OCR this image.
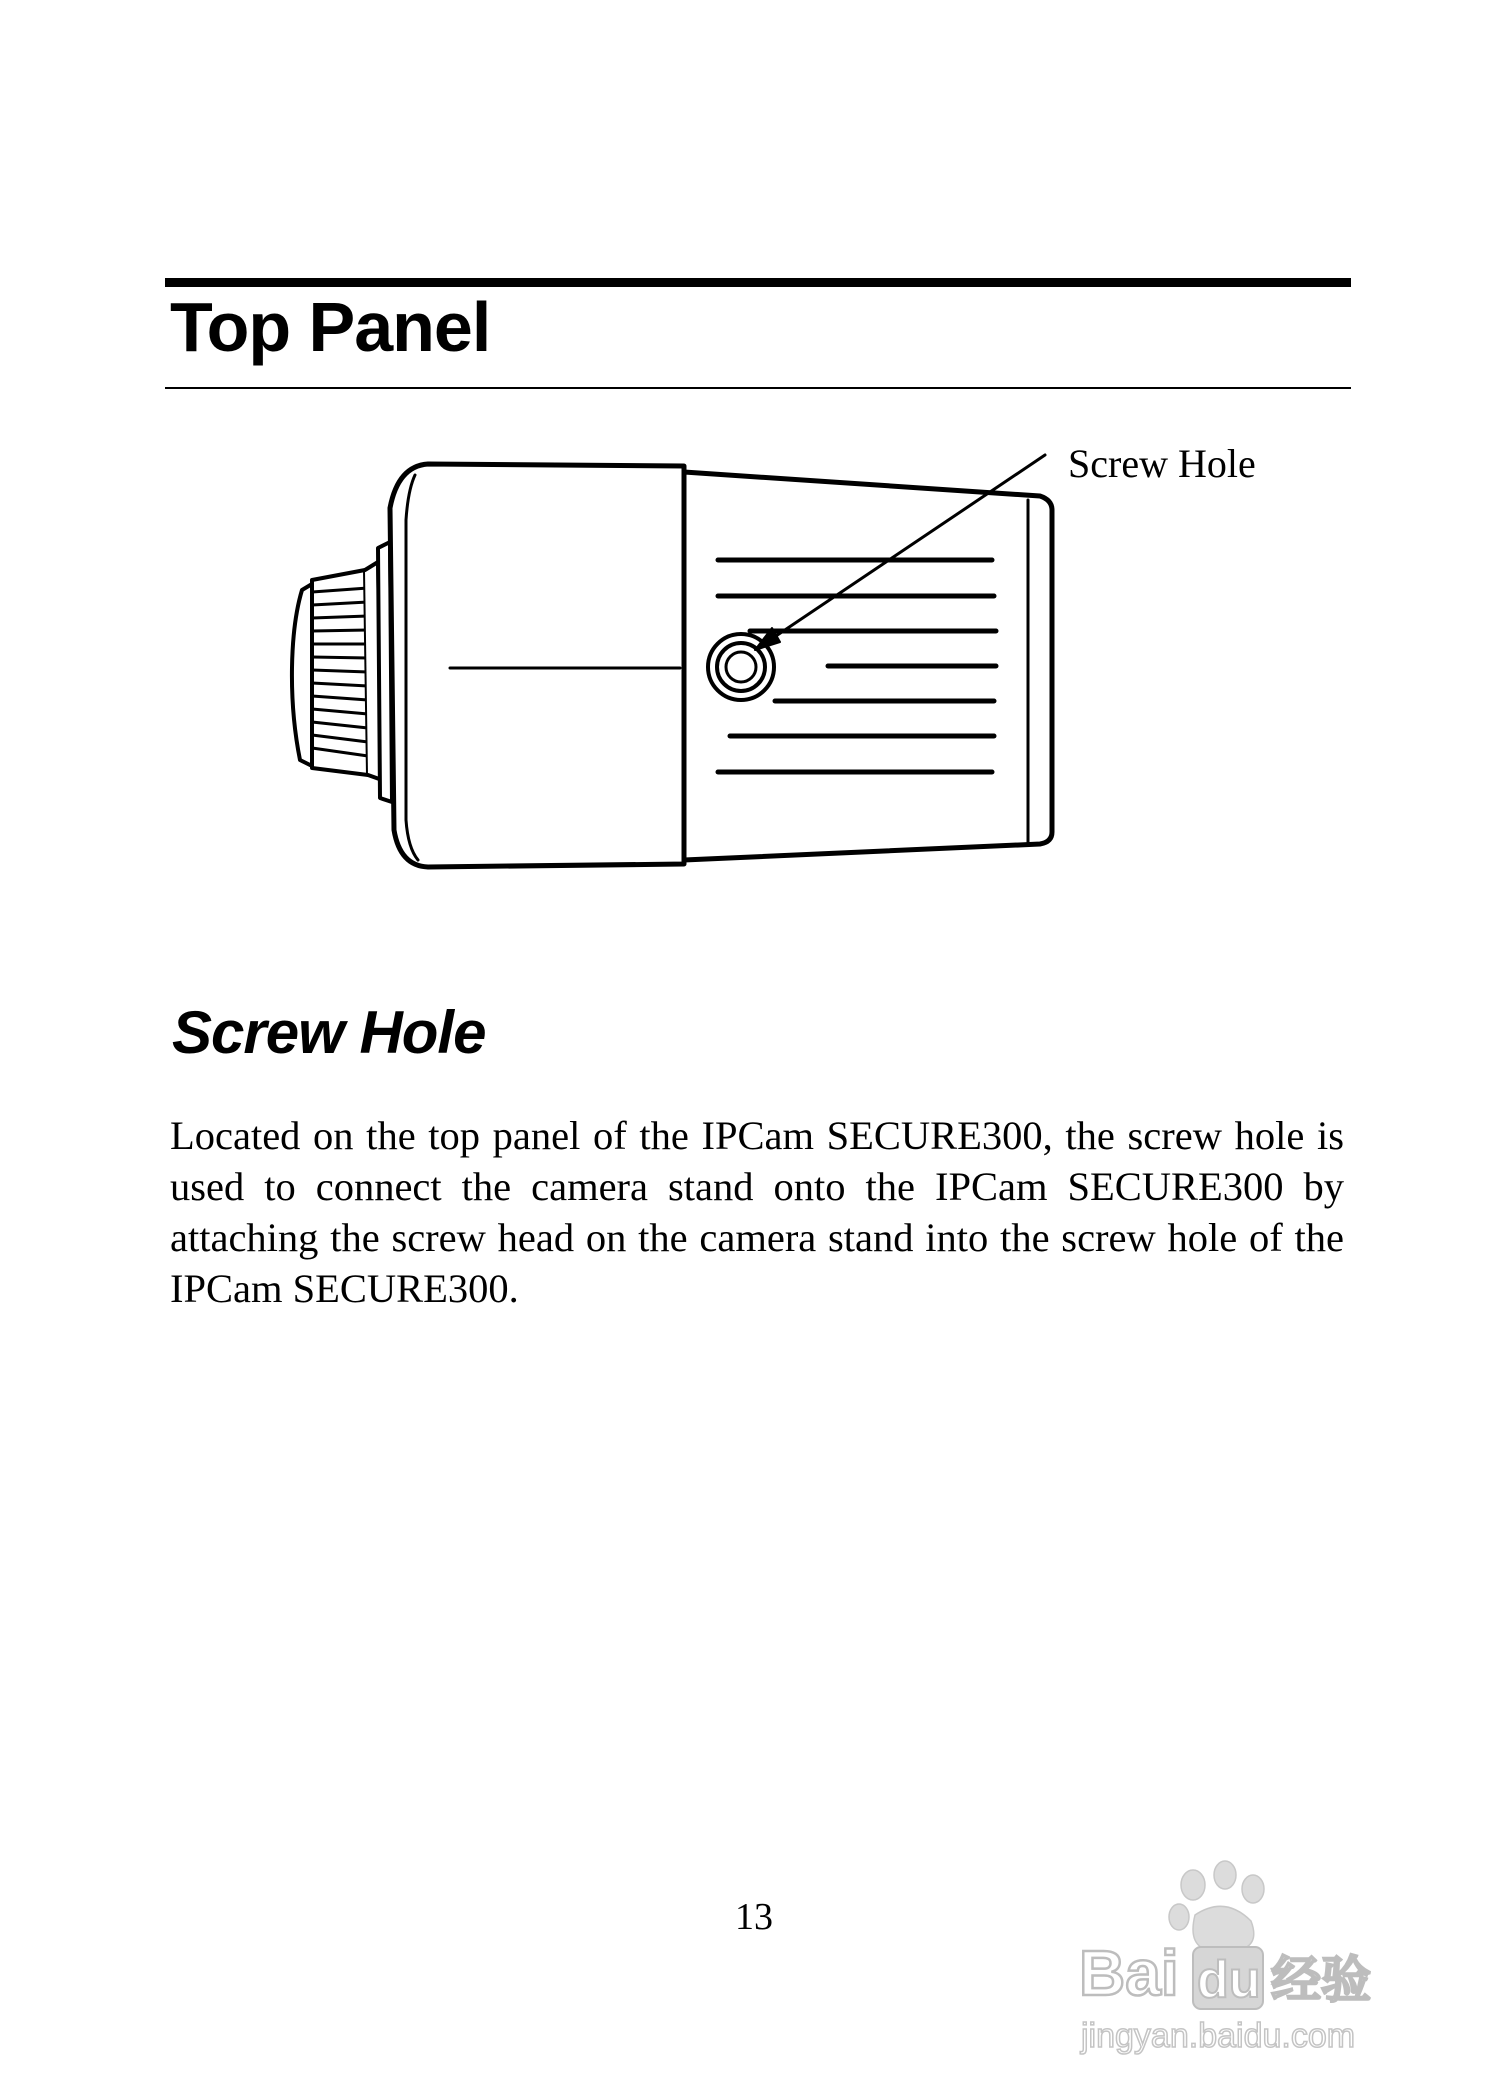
Top Panel
Screw Hole
Screw Hole

Located on the top panel of the IPCam SECURE300, the screw hole is used to connect the camera stand onto the IPCam SECURE300 by attaching the screw head on the camera stand into the screw hole of the IPCam SECURE300.

13
Bai du 经验
jingyan.baidu.com
